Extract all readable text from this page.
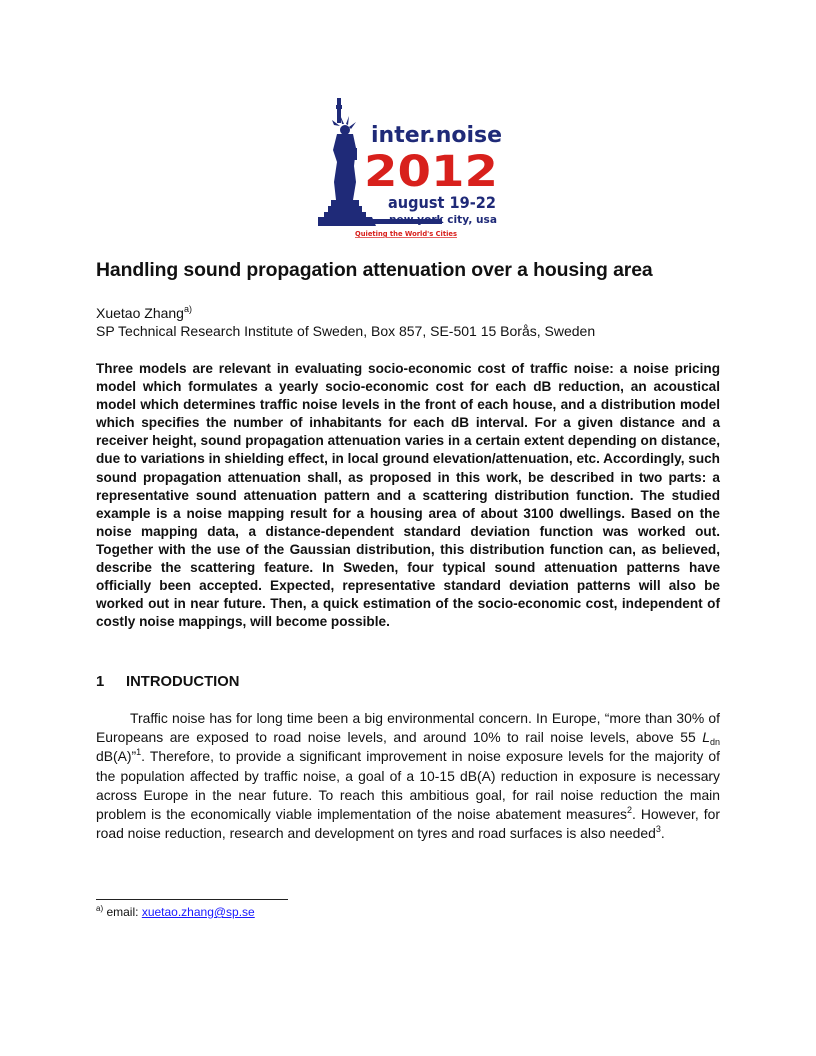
inter.noise
2012
august 19-22
new york city, usa
Quieting the World's Cities
Handling sound propagation attenuation over a housing area

Xuetao Zhang$^{a)}$

SP Technical Research Institute of Sweden, Box 857, SE-501 15 Borås, Sweden

Three models are relevant in evaluating socio-economic cost of traffic noise: a noise pricing model which formulates a yearly socio-economic cost for each dB reduction, an acoustical model which determines traffic noise levels in the front of each house, and a distribution model which specifies the number of inhabitants for each dB interval. For a given distance and a receiver height, sound propagation attenuation varies in a certain extent depending on distance, due to variations in shielding effect, in local ground elevation/attenuation, etc. Accordingly, such sound propagation attenuation shall, as proposed in this work, be described in two parts: a representative sound attenuation pattern and a scattering distribution function. The studied example is a noise mapping result for a housing area of about 3100 dwellings. Based on the noise mapping data, a distance-dependent standard deviation function was worked out. Together with the use of the Gaussian distribution, this distribution function can, as believed, describe the scattering feature. In Sweden, four typical sound attenuation patterns have officially been accepted. Expected, representative standard deviation patterns will also be worked out in near future. Then, a quick estimation of the socio-economic cost, independent of costly noise mappings, will become possible.

1 INTRODUCTION

Traffic noise has for long time been a big environmental concern. In Europe, “more than 30% of Europeans are exposed to road noise levels, and around 10% to rail noise levels, above 55 $L_{dn}$ dB(A)”$^1$. Therefore, to provide a significant improvement in noise exposure levels for the majority of the population affected by traffic noise, a goal of a 10-15 dB(A) reduction in exposure is necessary across Europe in the near future. To reach this ambitious goal, for rail noise reduction the main problem is the economically viable implementation of the noise abatement measures$^2$. However, for road noise reduction, research and development on tyres and road surfaces is also needed$^3$.

$^{a)}$ email: xuetao.zhang@sp.se
